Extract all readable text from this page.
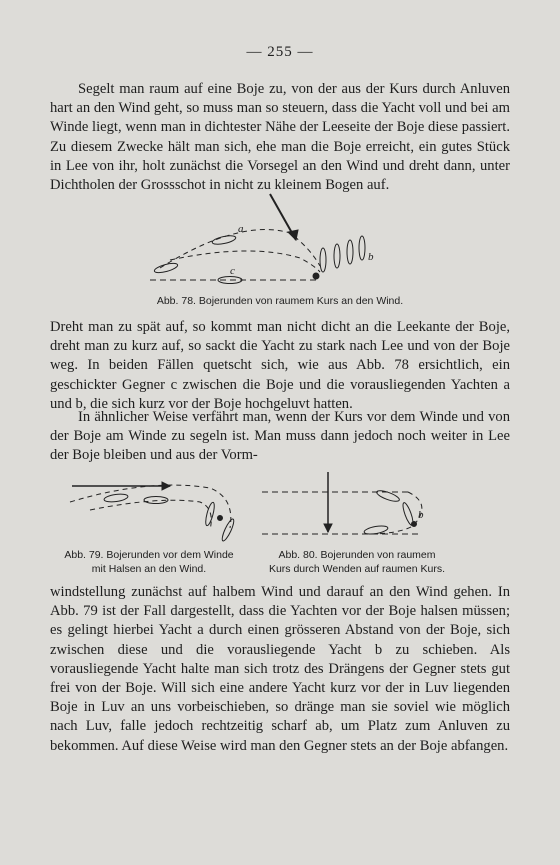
— 255 —

Segelt man raum auf eine Boje zu, von der aus der Kurs durch Anluven hart an den Wind geht, so muss man so steuern, dass die Yacht voll und bei am Winde liegt, wenn man in dichtester Nähe der Leeseite der Boje diese passiert. Zu diesem Zwecke hält man sich, ehe man die Boje erreicht, ein gutes Stück in Lee von ihr, holt zunächst die Vorsegel an den Wind und dreht dann, unter Dichtholen der Grossschot in nicht zu kleinem Bogen auf.

a
c
b
Abb. 78. Bojerunden von raumem Kurs an den Wind.

Dreht man zu spät auf, so kommt man nicht dicht an die Leekante der Boje, dreht man zu kurz auf, so sackt die Yacht zu stark nach Lee und von der Boje weg. In beiden Fällen quetscht sich, wie aus Abb. 78 ersichtlich, ein geschickter Gegner c zwischen die Boje und die vorausliegenden Yachten a und b, die sich kurz vor der Boje hochgeluvt hatten.

In ähnlicher Weise verfährt man, wenn der Kurs vor dem Winde und von der Boje am Winde zu segeln ist. Man muss dann jedoch noch weiter in Lee der Boje bleiben und aus der Vorm-

Abb. 79. Bojerunden vor dem Winde
mit Halsen an den Wind.
b
Abb. 80. Bojerunden von raumem
Kurs durch Wenden auf raumen Kurs.

windstellung zunächst auf halbem Wind und darauf an den Wind gehen. In Abb. 79 ist der Fall dargestellt, dass die Yachten vor der Boje halsen müssen; es gelingt hierbei Yacht a durch einen grösseren Abstand von der Boje, sich zwischen diese und die vorausliegende Yacht b zu schieben. Als vorausliegende Yacht halte man sich trotz des Drängens der Gegner stets gut frei von der Boje. Will sich eine andere Yacht kurz vor der in Luv liegenden Boje in Luv an uns vorbeischieben, so dränge man sie soviel wie möglich nach Luv, falle jedoch rechtzeitig scharf ab, um Platz zum Anluven zu bekommen. Auf diese Weise wird man den Gegner stets an der Boje abfangen.
